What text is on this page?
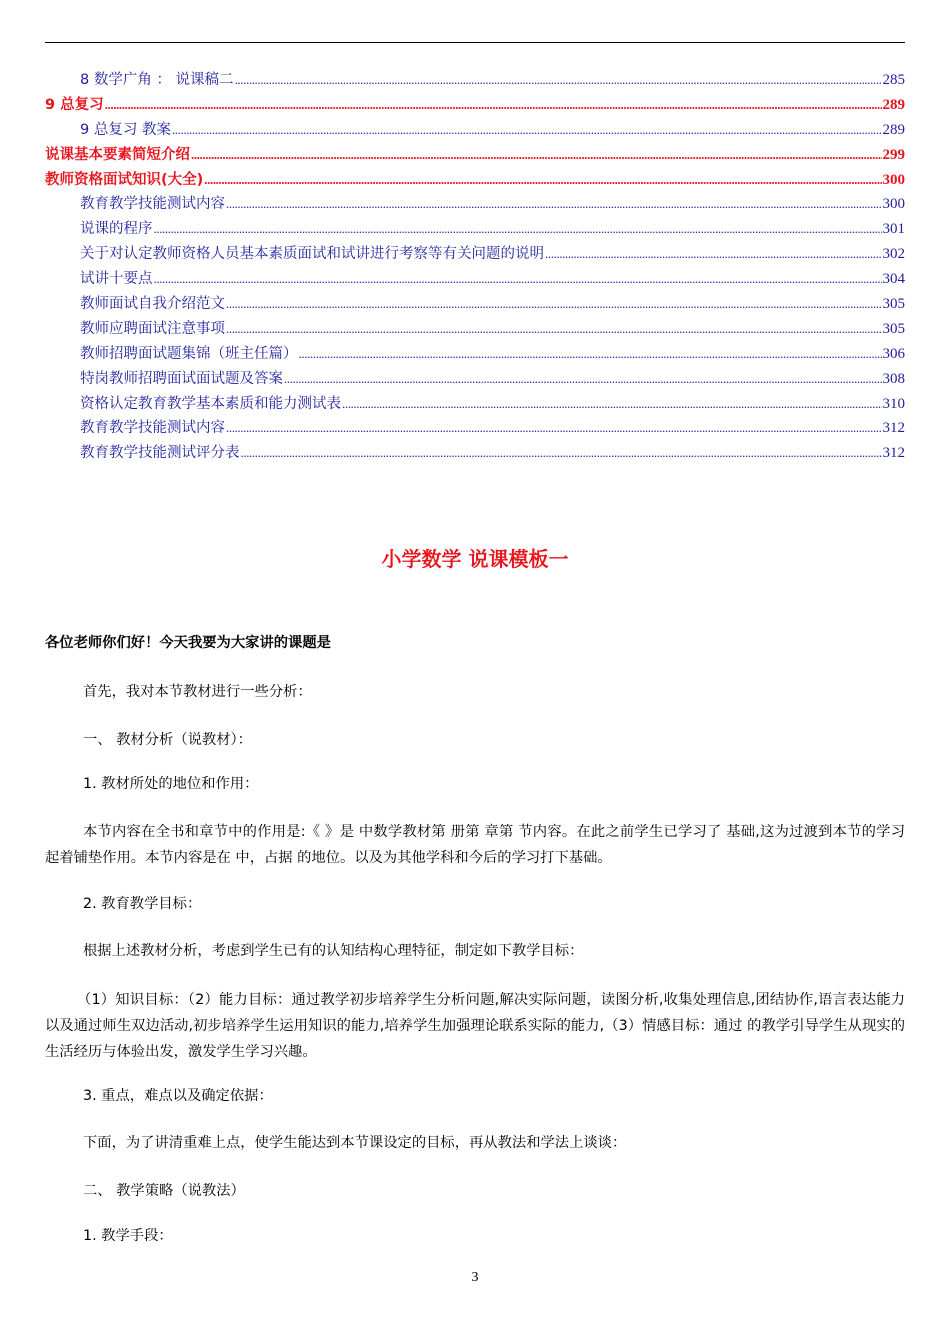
8 数学广角 ： 说课稿二 .....	285
9 总复习 .....	289
9 总复习 教案 .....	289
说课基本要素简短介绍 .....	299
教师资格面试知识(大全) .....	300
教育教学技能测试内容 .....	300
说课的程序 .....	301
关于对认定教师资格人员基本素质面试和试讲进行考察等有关问题的说明 .....	302
试讲十要点 .....	304
教师面试自我介绍范文 .....	305
教师应聘面试注意事项 .....	305
教师招聘面试题集锦（班主任篇） .....	306
特岗教师招聘面试面试题及答案 .....	308
资格认定教育教学基本素质和能力测试表 .....	310
教育教学技能测试内容 .....	312
教育教学技能测试评分表 .....	312
小学数学 说课模板一
各位老师你们好！今天我要为大家讲的课题是
首先，我对本节教材进行一些分析：
一、 教材分析（说教材）：
1. 教材所处的地位和作用：
本节内容在全书和章节中的作用是:《 》是 中数学教材第 册第 章第 节内容。在此之前学生已学习了 基础,这为过渡到本节的学习起着铺垫作用。本节内容是在 中，占据 的地位。以及为其他学科和今后的学习打下基础。
2. 教育教学目标：
根据上述教材分析，考虑到学生已有的认知结构心理特征，制定如下教学目标：
（1）知识目标：（2）能力目标：通过教学初步培养学生分析问题,解决实际问题，读图分析,收集处理信息,团结协作,语言表达能力以及通过师生双边活动,初步培养学生运用知识的能力,培养学生加强理论联系实际的能力,（3）情感目标：通过 的教学引导学生从现实的生活经历与体验出发，激发学生学习兴趣。
3. 重点，难点以及确定依据：
下面，为了讲清重难上点，使学生能达到本节课设定的目标，再从教法和学法上谈谈：
二、 教学策略（说教法）
1. 教学手段：
3
